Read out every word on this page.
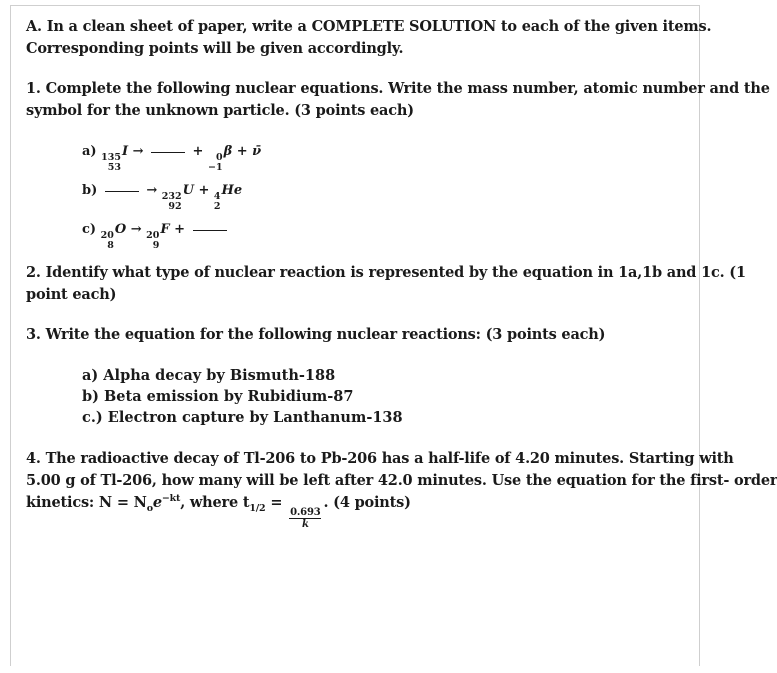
A. In a clean sheet of paper, write a COMPLETE SOLUTION to each of the given items.
Corresponding points will be given accordingly.
1. Complete the following nuclear equations. Write the mass number, atomic number and the
symbol for the unknown particle. (3 points each)
a) 135
53
I →	+ 0
−1
β + ν̄
b)	→ 232
92
U + 4
2
He
c) 20
8
O → 20
9
F +
2. Identify what type of nuclear reaction is represented by the equation in 1a,1b and 1c. (1
point each)
3. Write the equation for the following nuclear reactions: (3 points each)
a) Alpha decay by Bismuth-188
b) Beta emission by Rubidium-87
c.) Electron capture by Lanthanum-138
4. The radioactive decay of Tl-206 to Pb-206 has a half-life of 4.20 minutes. Starting with
5.00 g of Tl-206, how many will be left after 42.0 minutes. Use the equation for the first- order
kinetics: $N = N_oe^{-kt}$, where $t_{1/2}$ =
$\frac{0.693}{k}$
. (4 points)
